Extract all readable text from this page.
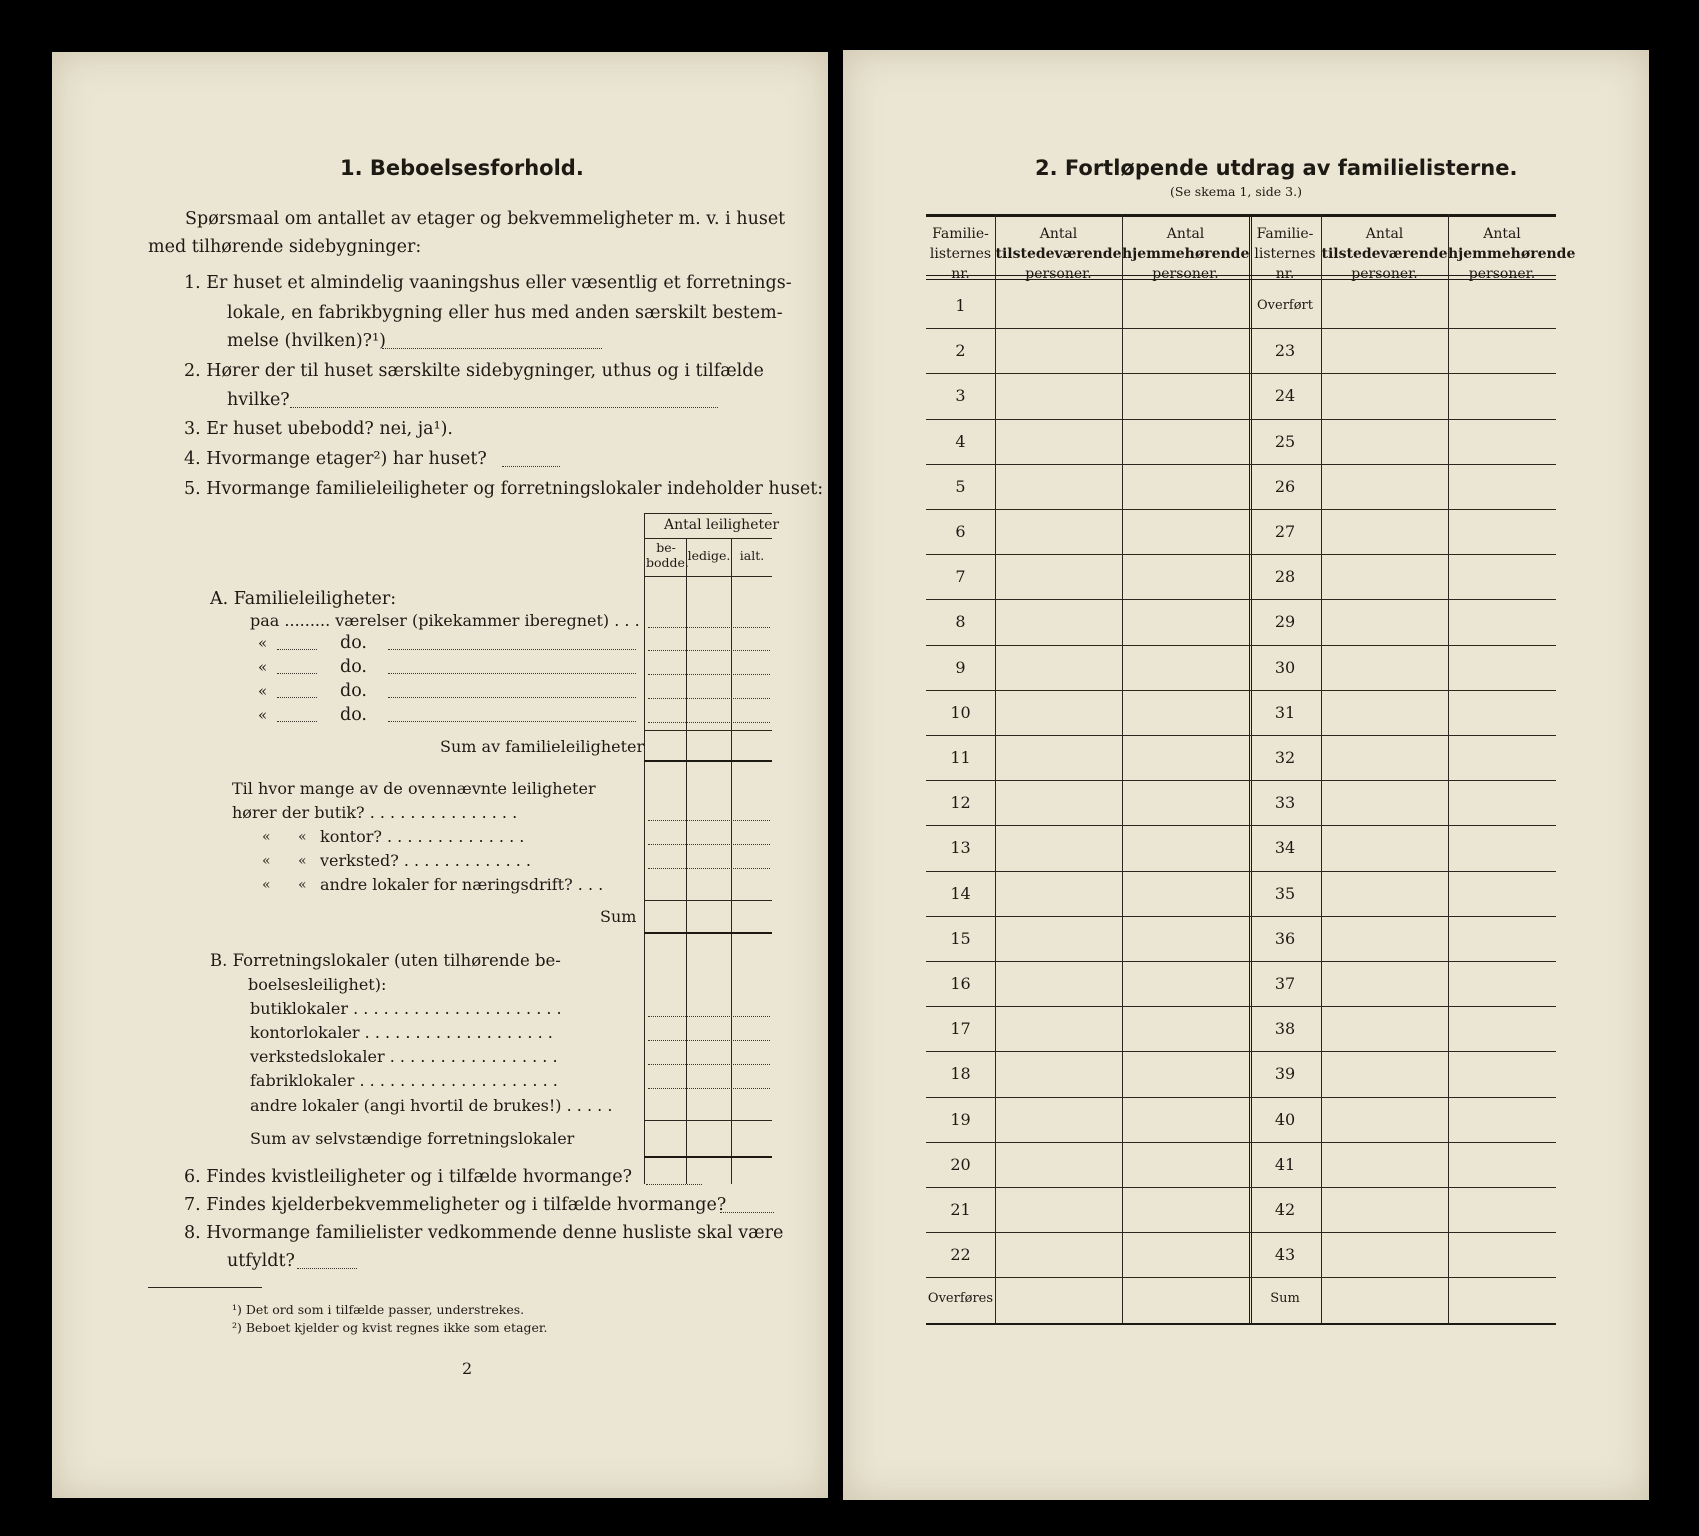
1. Beboelsesforhold.
Spørsmaal om antallet av etager og bekvemmeligheter m. v. i huset
med tilhørende sidebygninger:
1. Er huset et almindelig vaaningshus eller væsentlig et forretnings-
lokale, en fabrikbygning eller hus med anden særskilt bestem-
melse (hvilken)?¹)
2. Hører der til huset særskilte sidebygninger, uthus og i tilfælde
hvilke?
3. Er huset ubebodd? nei, ja¹).
4. Hvormange etager²) har huset?
5. Hvormange familieleiligheter og forretningslokaler indeholder huset:
Antal leiligheter
be-
bodde.
ledige. ialt.
A. Familieleiligheter:
paa ......... værelser (pikekammer iberegnet) . . .
«	do.
«	do.
«	do.
«	do.
Sum av familieleiligheter
Til hvor mange av de ovennævnte leiligheter
hører der butik? . . . . . . . . . . . . . . .
« « kontor? . . . . . . . . . . . . . .
« « verksted? . . . . . . . . . . . . .
« « andre lokaler for næringsdrift? . . .
Sum
B. Forretningslokaler (uten tilhørende be-
boelsesleilighet):
butiklokaler . . . . . . . . . . . . . . . . . . . . .
kontorlokaler . . . . . . . . . . . . . . . . . . .
verkstedslokaler . . . . . . . . . . . . . . . . .
fabriklokaler . . . . . . . . . . . . . . . . . . . .
andre lokaler (angi hvortil de brukes!) . . . . .
Sum av selvstændige forretningslokaler
6. Findes kvistleiligheter og i tilfælde hvormange?
7. Findes kjelderbekvemmeligheter og i tilfælde hvormange?
8. Hvormange familielister vedkommende denne husliste skal være
utfyldt?
¹) Det ord som i tilfælde passer, understrekes.
²) Beboet kjelder og kvist regnes ikke som etager.
2
2. Fortløpende utdrag av familielisterne.
(Se skema 1, side 3.)
Familie-
listernes
nr.
Antal
tilstedeværende
personer.
Antal
hjemmehørende
personer.
Familie-
listernes
nr.
Antal
tilstedeværende
personer.
Antal
hjemmehørende
personer.
1	Overført
2	23
3	24
4	25
5	26
6	27
7	28
8	29
9	30
10	31
11	32
12	33
13	34
14	35
15	36
16	37
17	38
18	39
19	40
20	41
21	42
22	43
Overføres	Sum
